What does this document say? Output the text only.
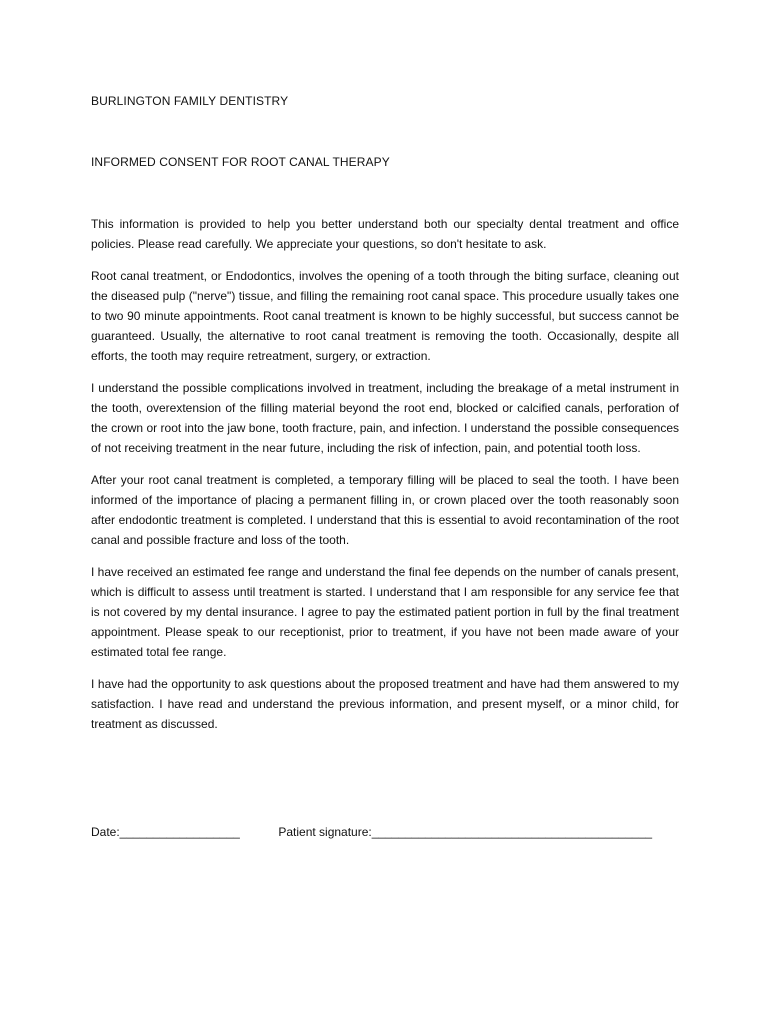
BURLINGTON FAMILY DENTISTRY
INFORMED CONSENT FOR ROOT CANAL THERAPY

This information is provided to help you better understand both our specialty dental treatment and office policies. Please read carefully. We appreciate your questions, so don't hesitate to ask.

Root canal treatment, or Endodontics, involves the opening of a tooth through the biting surface, cleaning out the diseased pulp ("nerve") tissue, and filling the remaining root canal space. This procedure usually takes one to two 90 minute appointments. Root canal treatment is known to be highly successful, but success cannot be guaranteed. Usually, the alternative to root canal treatment is removing the tooth. Occasionally, despite all efforts, the tooth may require retreatment, surgery, or extraction.

I understand the possible complications involved in treatment, including the breakage of a metal instrument in the tooth, overextension of the filling material beyond the root end, blocked or calcified canals, perforation of the crown or root into the jaw bone, tooth fracture, pain, and infection. I understand the possible consequences of not receiving treatment in the near future, including the risk of infection, pain, and potential tooth loss.

After your root canal treatment is completed, a temporary filling will be placed to seal the tooth. I have been informed of the importance of placing a permanent filling in, or crown placed over the tooth reasonably soon after endodontic treatment is completed. I understand that this is essential to avoid recontamination of the root canal and possible fracture and loss of the tooth.

I have received an estimated fee range and understand the final fee depends on the number of canals present, which is difficult to assess until treatment is started. I understand that I am responsible for any service fee that is not covered by my dental insurance. I agree to pay the estimated patient portion in full by the final treatment appointment. Please speak to our receptionist, prior to treatment, if you have not been made aware of your estimated total fee range.

I have had the opportunity to ask questions about the proposed treatment and have had them answered to my satisfaction. I have read and understand the previous information, and present myself, or a minor child, for treatment as discussed.

Date:__________________	Patient signature:__________________________________________
